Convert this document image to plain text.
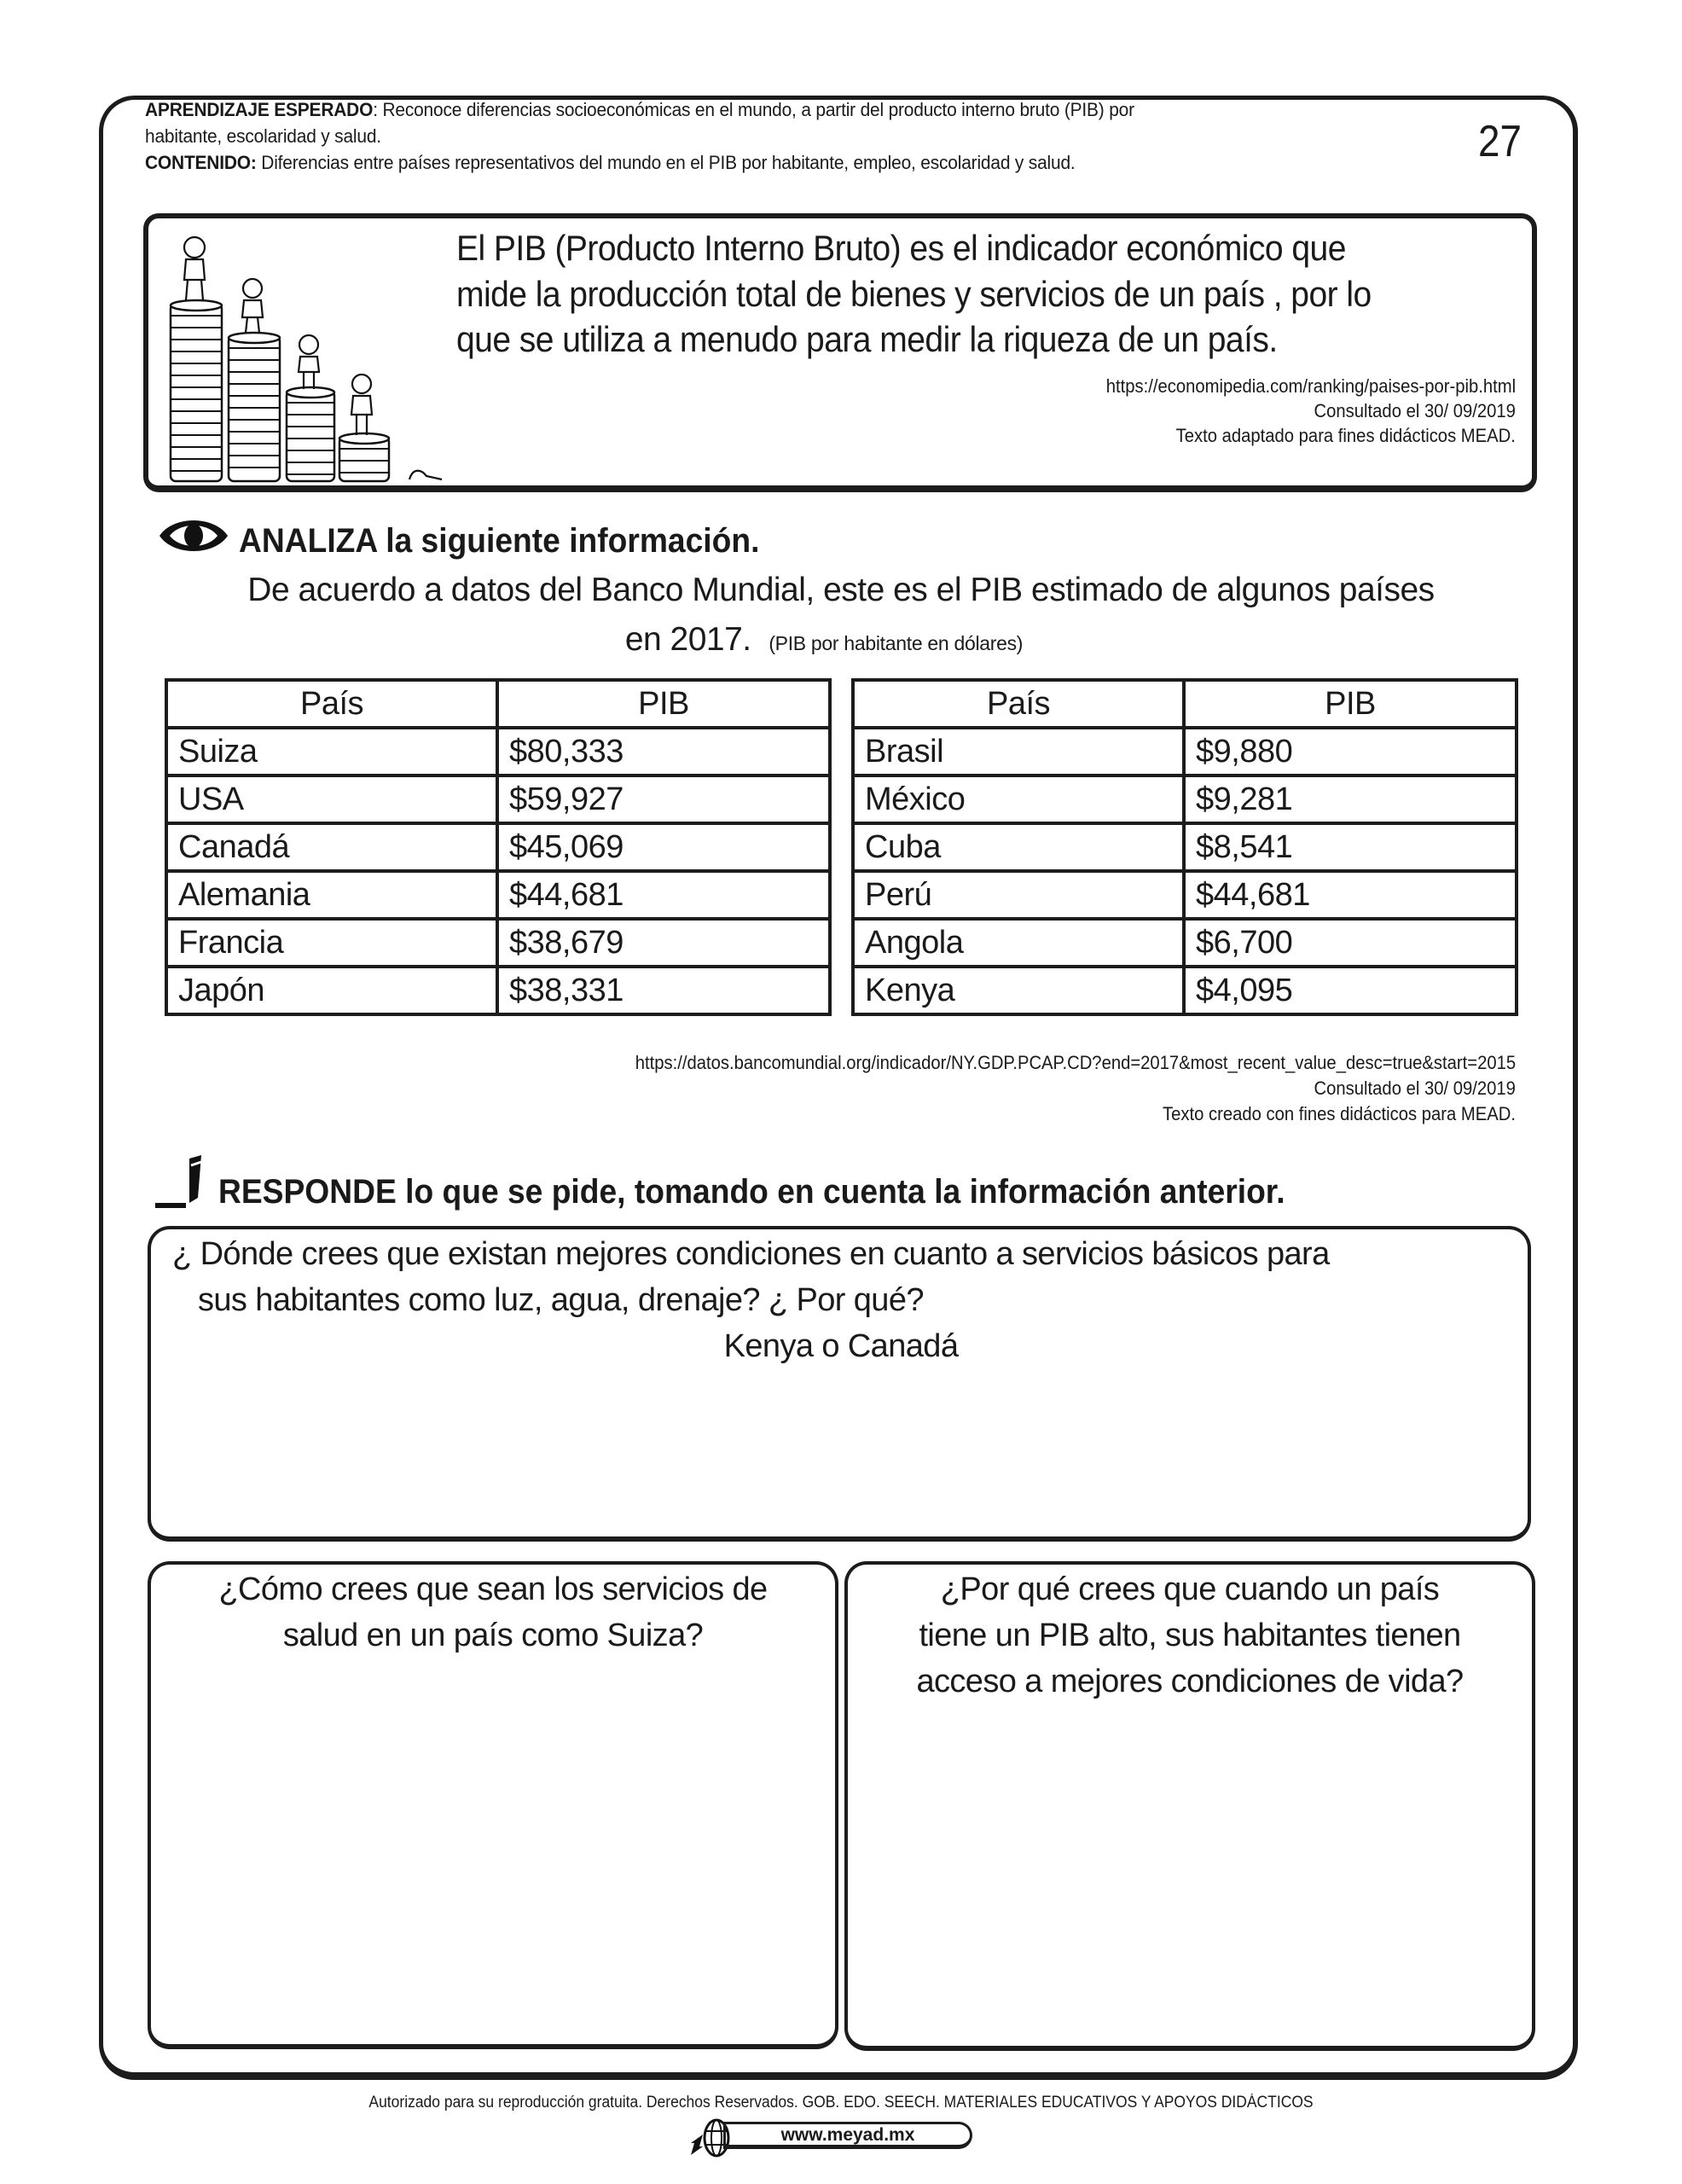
APRENDIZAJE ESPERADO: Reconoce diferencias socioeconómicas en el mundo, a partir del producto interno bruto (PIB) por
habitante, escolaridad y salud.
CONTENIDO: Diferencias entre países representativos del mundo en el PIB por habitante, empleo, escolaridad y salud.	27
El PIB (Producto Interno Bruto) es el indicador económico que
mide la producción total de bienes y servicios de un país , por lo
que se utiliza a menudo para medir la riqueza de un país.
https://economipedia.com/ranking/paises-por-pib.html
Consultado el 30/ 09/2019
Texto adaptado para fines didácticos MEAD.
ANALIZA la siguiente información.
De acuerdo a datos del Banco Mundial, este es el PIB estimado de algunos países
en 2017. (PIB por habitante en dólares)
País	PIB
Suiza	$80,333
USA	$59,927
Canadá	$45,069
Alemania	$44,681
Francia	$38,679
Japón	$38,331
País	PIB
Brasil	$9,880
México	$9,281
Cuba	$8,541
Perú	$44,681
Angola	$6,700
Kenya	$4,095
https://datos.bancomundial.org/indicador/NY.GDP.PCAP.CD?end=2017&most_recent_value_desc=true&start=2015
Consultado el 30/ 09/2019
Texto creado con fines didácticos para MEAD.
RESPONDE lo que se pide, tomando en cuenta la información anterior.
¿ Dónde crees que existan mejores condiciones en cuanto a servicios básicos para
sus habitantes como luz, agua, drenaje? ¿ Por qué?
Kenya o Canadá
¿Cómo crees que sean los servicios de
salud en un país como Suiza?
¿Por qué crees que cuando un país
tiene un PIB alto, sus habitantes tienen
acceso a mejores condiciones de vida?
Autorizado para su reproducción gratuita. Derechos Reservados. GOB. EDO. SEECH. MATERIALES EDUCATIVOS Y APOYOS DIDÁCTICOS
www.meyad.mx
